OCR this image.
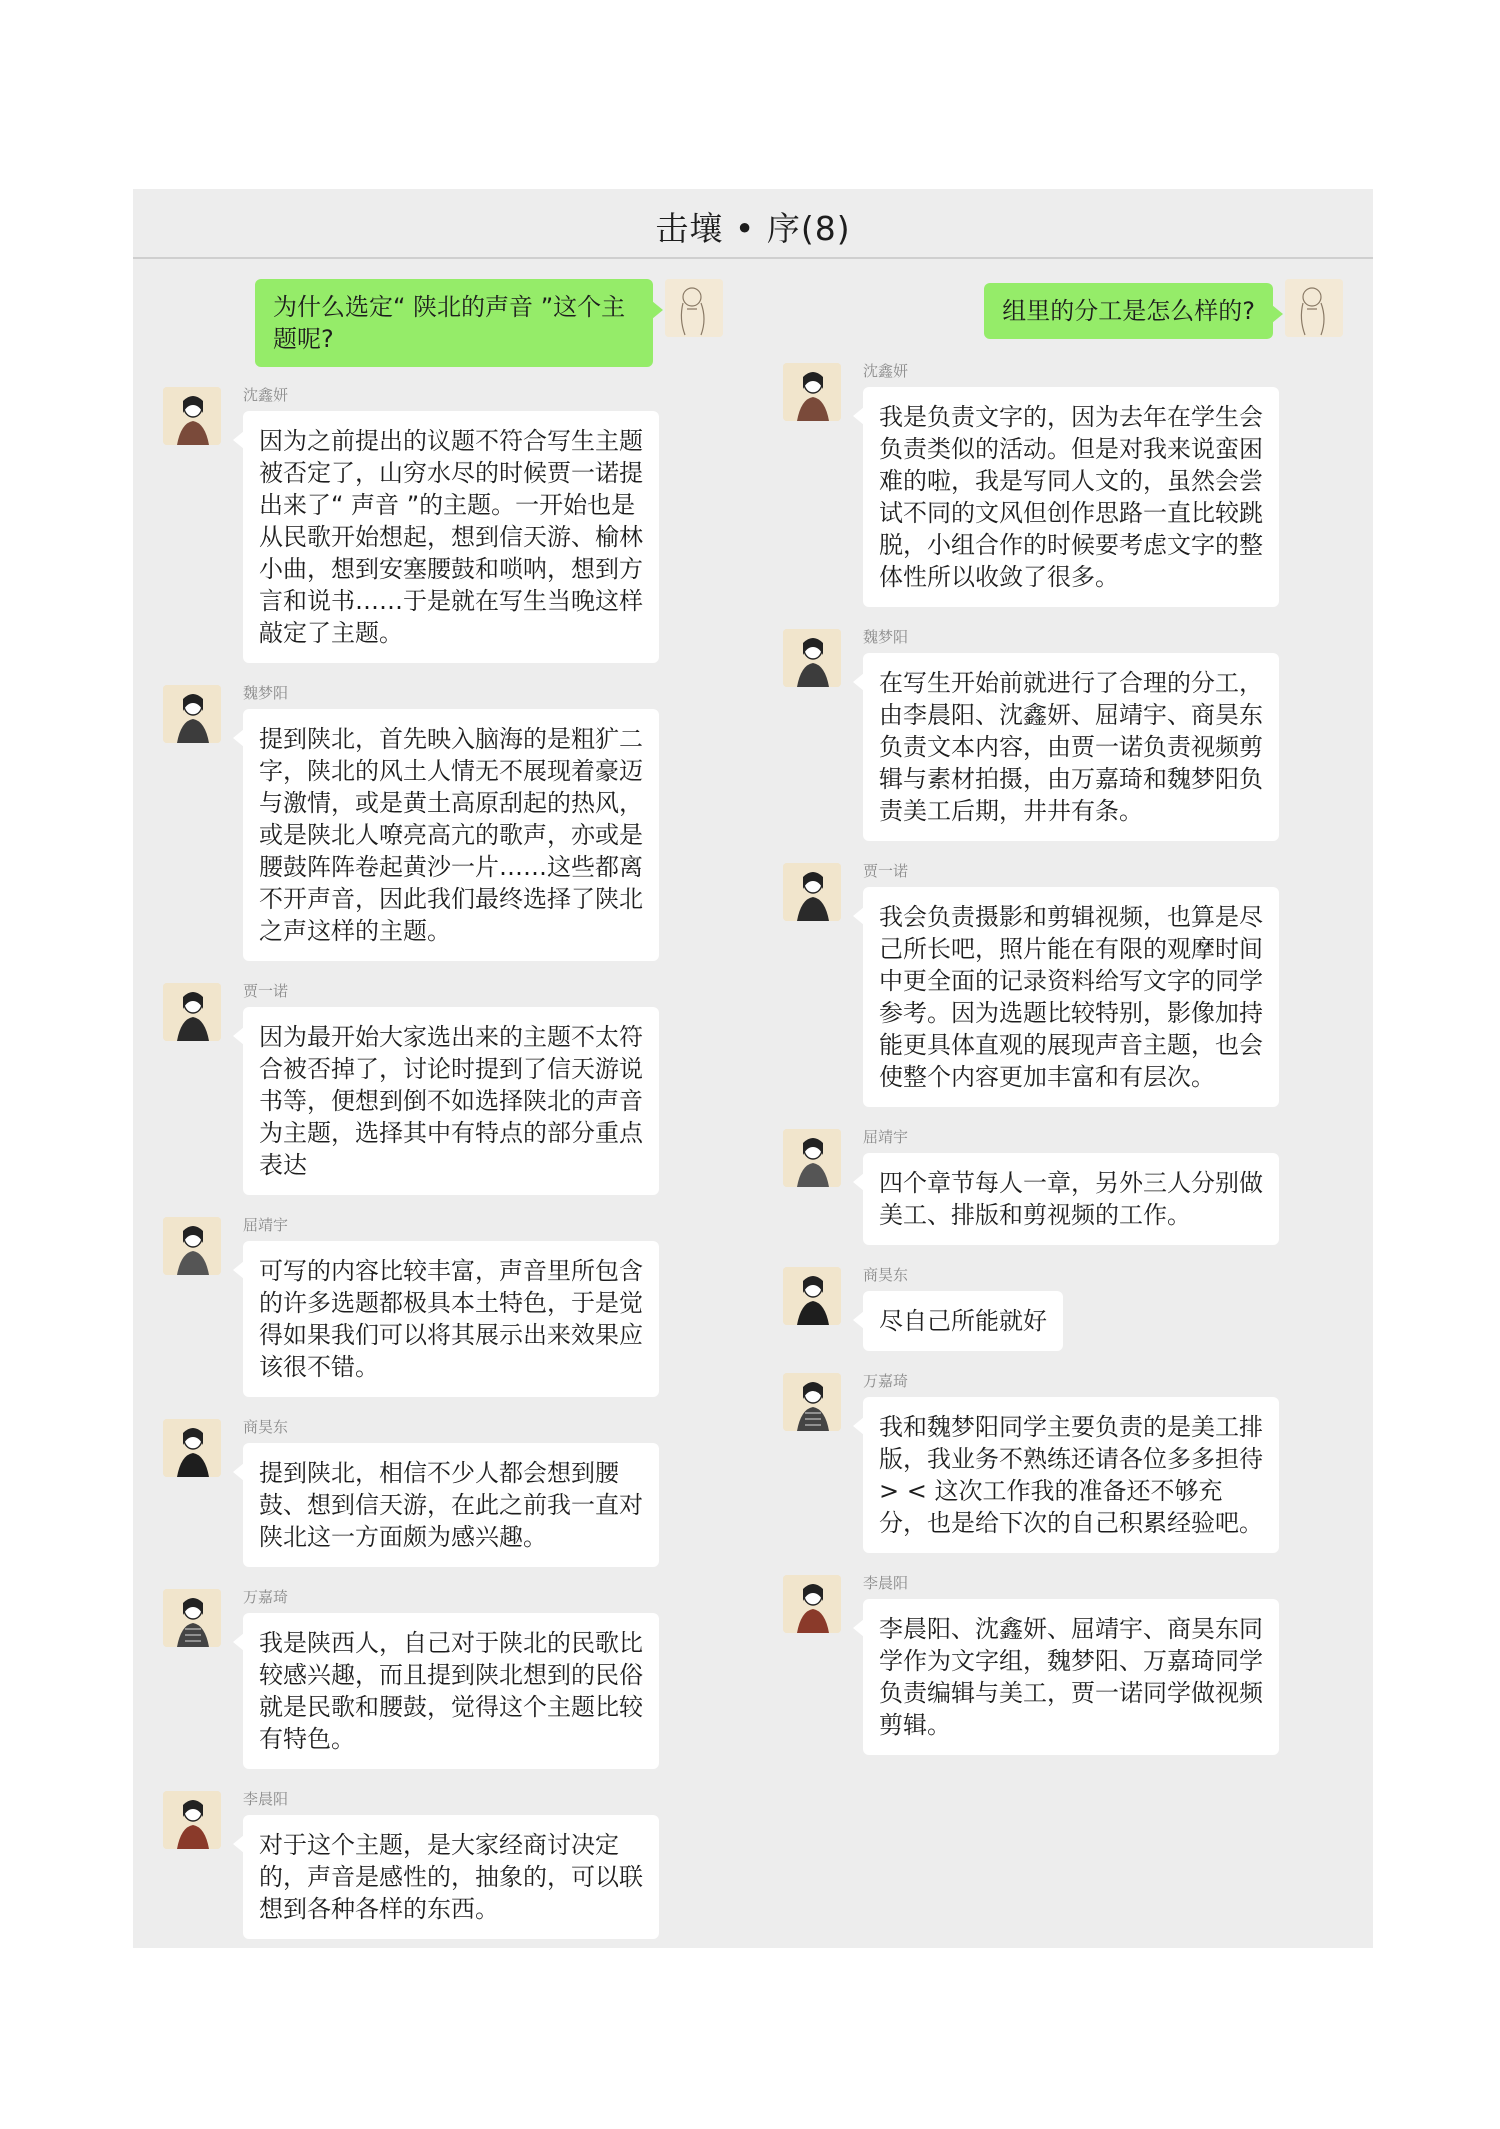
击壤 • 序(8)
为什么选定“ 陕北的声音 ”这个主题呢?
沈鑫妍
因为之前提出的议题不符合写生主题被否定了，山穷水尽的时候贾一诺提出来了“ 声音 ”的主题。一开始也是从民歌开始想起，想到信天游、榆林小曲，想到安塞腰鼓和唢呐，想到方言和说书……于是就在写生当晚这样敲定了主题。
魏梦阳
提到陕北，首先映入脑海的是粗犷二字，陕北的风土人情无不展现着豪迈与激情，或是黄土高原刮起的热风，或是陕北人嘹亮高亢的歌声，亦或是腰鼓阵阵卷起黄沙一片……这些都离不开声音，因此我们最终选择了陕北之声这样的主题。
贾一诺
因为最开始大家选出来的主题不太符合被否掉了，讨论时提到了信天游说书等，便想到倒不如选择陕北的声音为主题，选择其中有特点的部分重点表达
屈靖宇
可写的内容比较丰富，声音里所包含的许多选题都极具本土特色，于是觉得如果我们可以将其展示出来效果应该很不错。
商昊东
提到陕北，相信不少人都会想到腰鼓、想到信天游，在此之前我一直对陕北这一方面颇为感兴趣。
万嘉琦
我是陕西人，自己对于陕北的民歌比较感兴趣，而且提到陕北想到的民俗就是民歌和腰鼓，觉得这个主题比较有特色。
李晨阳
对于这个主题，是大家经商讨决定的，声音是感性的，抽象的，可以联想到各种各样的东西。
组里的分工是怎么样的?
沈鑫妍
我是负责文字的，因为去年在学生会负责类似的活动。但是对我来说蛮困难的啦，我是写同人文的，虽然会尝试不同的文风但创作思路一直比较跳脱，小组合作的时候要考虑文字的整体性所以收敛了很多。
魏梦阳
在写生开始前就进行了合理的分工，由李晨阳、沈鑫妍、屈靖宇、商昊东负责文本内容，由贾一诺负责视频剪辑与素材拍摄，由万嘉琦和魏梦阳负责美工后期，井井有条。
贾一诺
我会负责摄影和剪辑视频，也算是尽己所长吧，照片能在有限的观摩时间中更全面的记录资料给写文字的同学参考。因为选题比较特别，影像加持能更具体直观的展现声音主题，也会使整个内容更加丰富和有层次。
屈靖宇
四个章节每人一章，另外三人分别做美工、排版和剪视频的工作。
商昊东
尽自己所能就好
万嘉琦
我和魏梦阳同学主要负责的是美工排版，我业务不熟练还请各位多多担待 > < 这次工作我的准备还不够充分，也是给下次的自己积累经验吧。
李晨阳
李晨阳、沈鑫妍、屈靖宇、商昊东同学作为文字组，魏梦阳、万嘉琦同学负责编辑与美工，贾一诺同学做视频剪辑。
